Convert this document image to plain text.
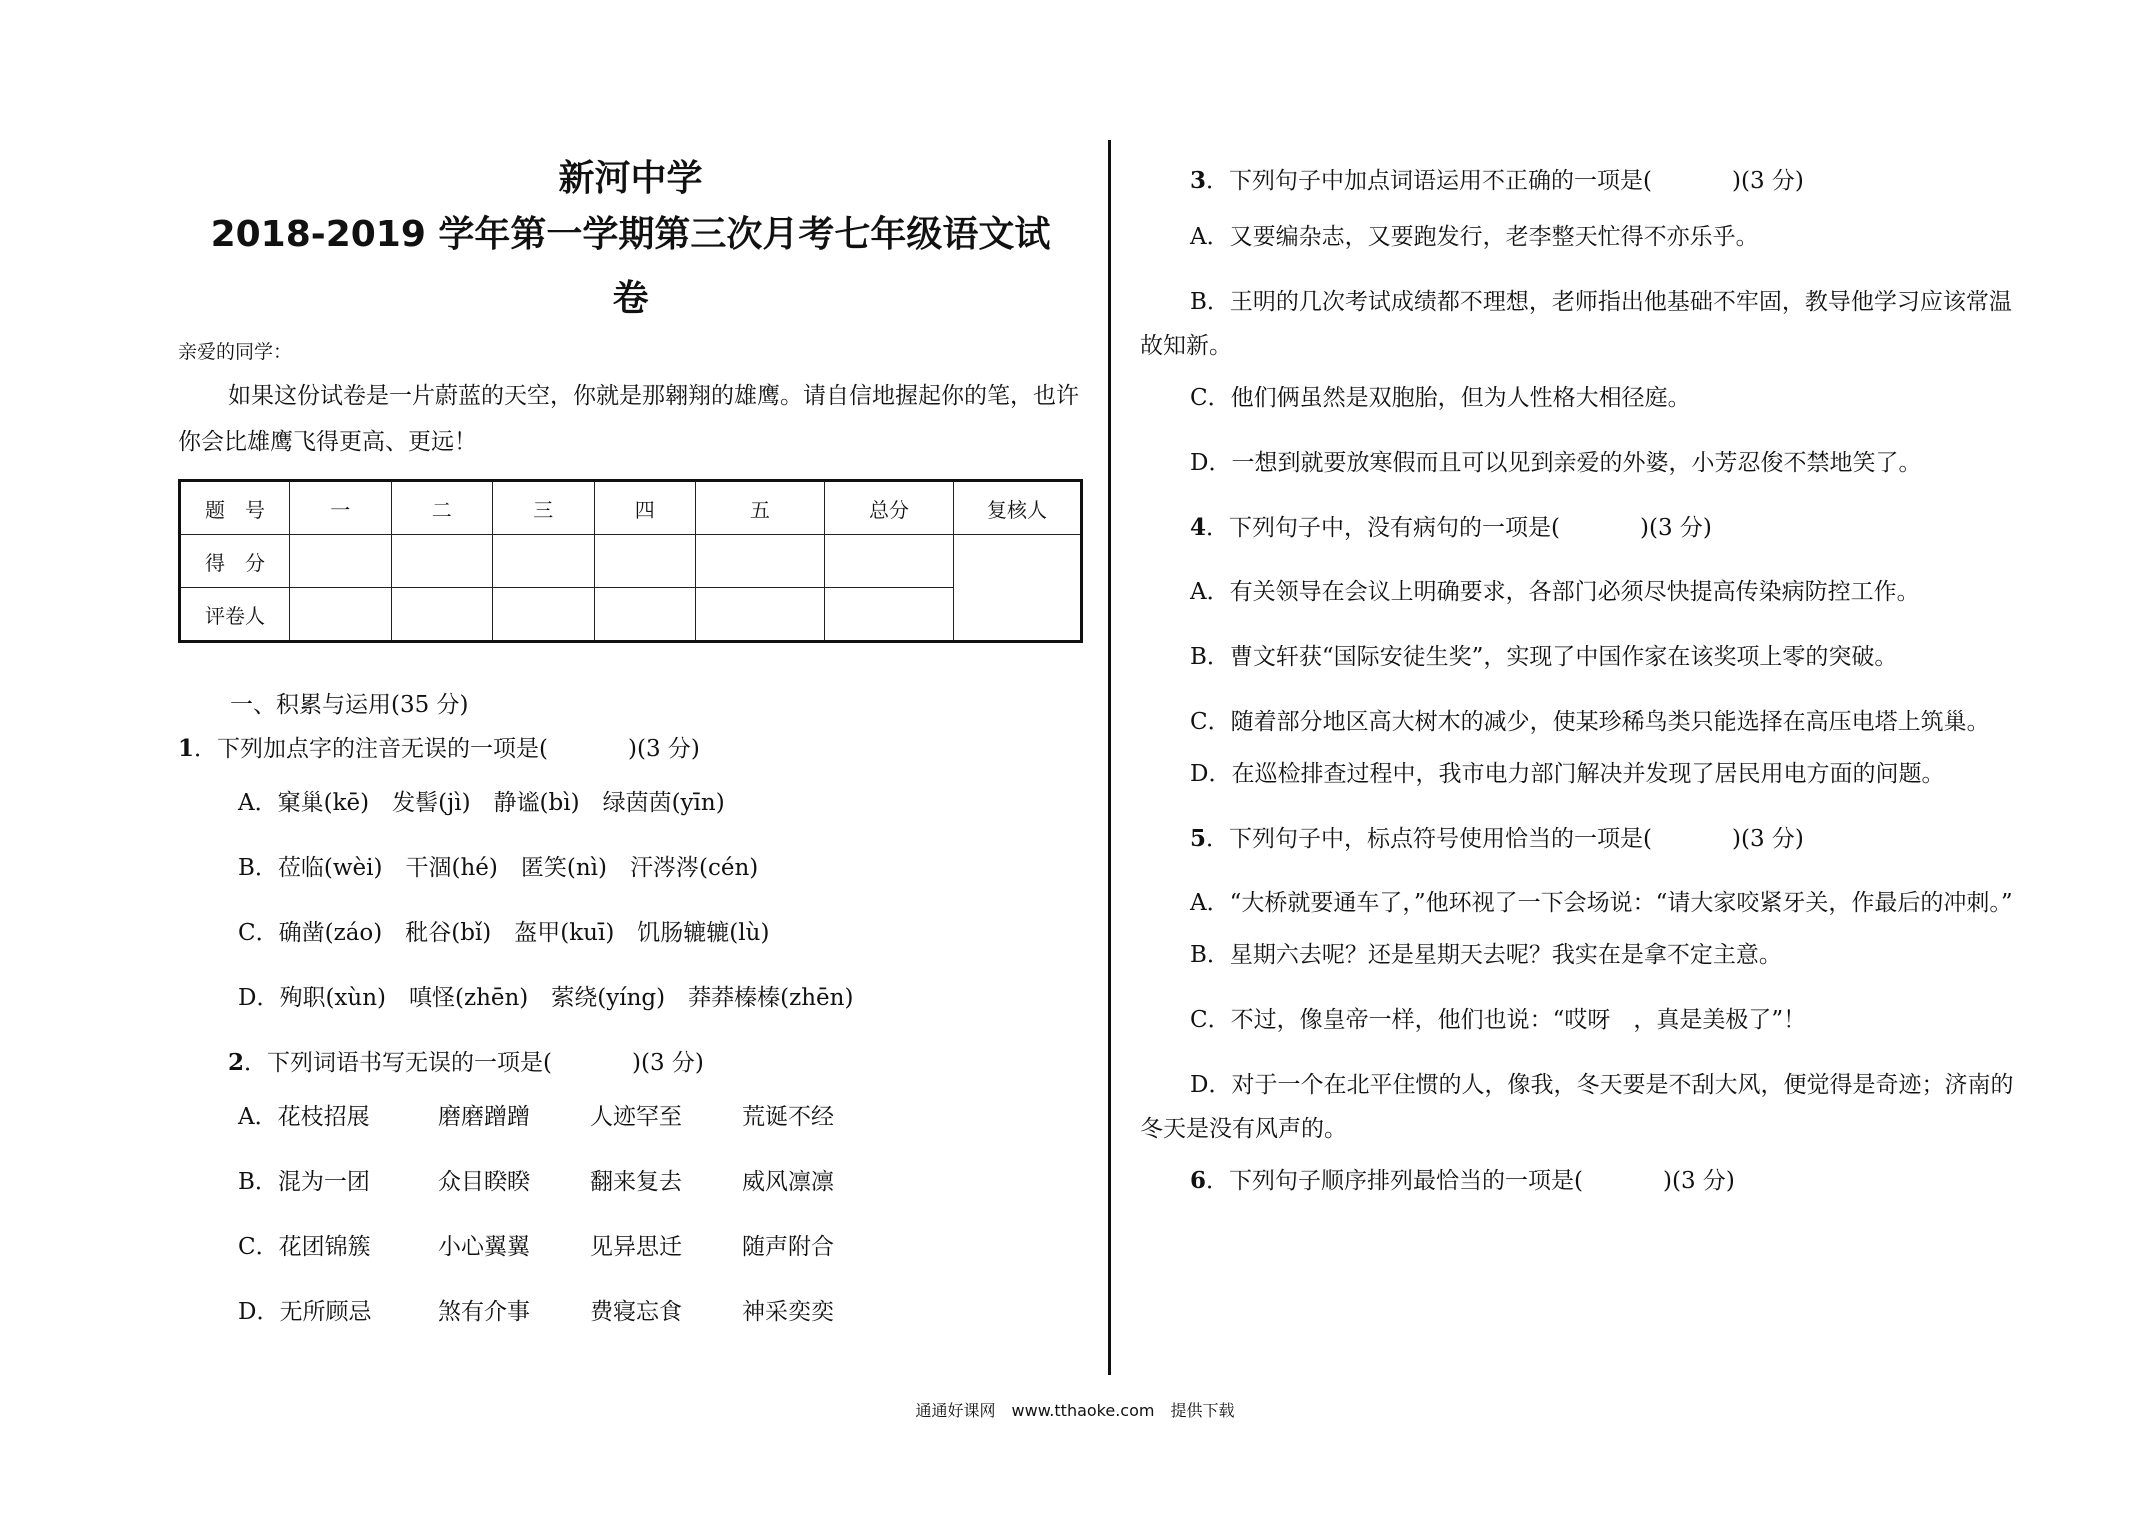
新河中学
2018-2019 学年第一学期第三次月考七年级语文试
卷
亲爱的同学：
如果这份试卷是一片蔚蓝的天空，你就是那翱翔的雄鹰。请自信地握起你的笔，也许你会比雄鹰飞得更高、更远！
题　号	一	二	三	四	五	总分	复核人
得　分							
评卷人							
一、积累与运用(35 分)
1．下列加点字的注音无误的一项是(	)(3 分)
A．窠巢(kē)　发髻(jì)　静谧(bì)　绿茵茵(yīn)
B．莅临(wèi)　干涸(hé)　匿笑(nì)　汗涔涔(cén)
C．确凿(záo)　秕谷(bǐ)　盔甲(kuī)　饥肠辘辘(lù)
D．殉职(xùn)　嗔怪(zhēn)　萦绕(yíng)　莽莽榛榛(zhēn)
2．下列词语书写无误的一项是(	)(3 分)
A．花枝招展	磨磨蹭蹭	人迹罕至	荒诞不经
B．混为一团	众目睽睽	翻来复去	威风凛凛
C．花团锦簇	小心翼翼	见异思迁	随声附合
D．无所顾忌	煞有介事	费寝忘食	神采奕奕
3．下列句子中加点词语运用不正确的一项是(	)(3 分)
A．又要编杂志，又要跑发行，老李整天忙得不亦乐乎。
B．王明的几次考试成绩都不理想，老师指出他基础不牢固，教导他学习应该常温故知新。
C．他们俩虽然是双胞胎，但为人性格大相径庭。
D．一想到就要放寒假而且可以见到亲爱的外婆，小芳忍俊不禁地笑了。
4．下列句子中，没有病句的一项是(	)(3 分)
A．有关领导在会议上明确要求，各部门必须尽快提高传染病防控工作。
B．曹文轩获“国际安徒生奖”，实现了中国作家在该奖项上零的突破。
C．随着部分地区高大树木的减少，使某珍稀鸟类只能选择在高压电塔上筑巢。
D．在巡检排查过程中，我市电力部门解决并发现了居民用电方面的问题。
5．下列句子中，标点符号使用恰当的一项是(	)(3 分)
A．“大桥就要通车了，”他环视了一下会场说：“请大家咬紧牙关，作最后的冲刺。”
B．星期六去呢？还是星期天去呢？我实在是拿不定主意。
C．不过，像皇帝一样，他们也说：“哎呀　，真是美极了”！
D．对于一个在北平住惯的人，像我，冬天要是不刮大风，便觉得是奇迹；济南的冬天是没有风声的。
6．下列句子顺序排列最恰当的一项是(	)(3 分)
通通好课网　www.tthaoke.com　提供下载
